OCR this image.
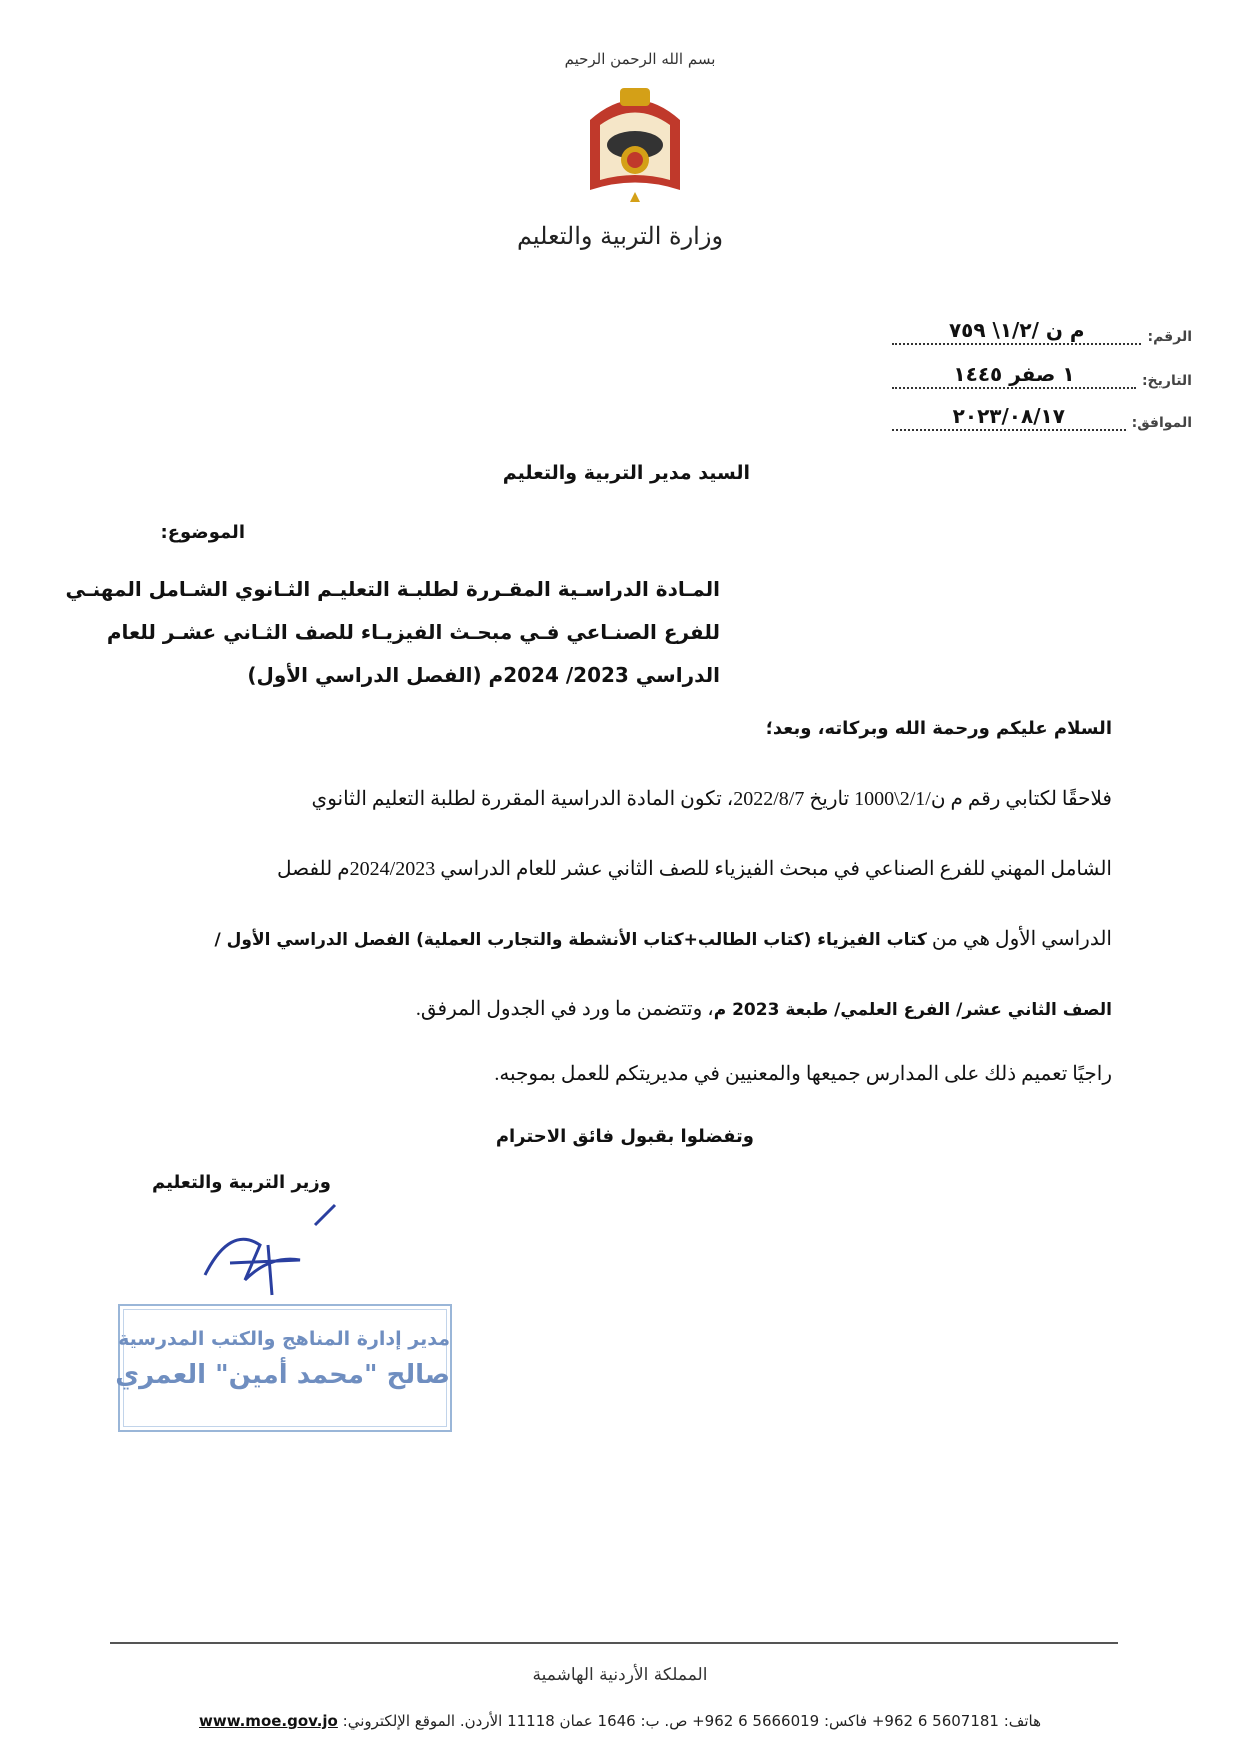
بسم الله الرحمن الرحيم
وزارة التربية والتعليم
الرقم:
م ن /١/٢\ ٧٥٩
التاريخ:
١ صفر ١٤٤٥
الموافق:
٢٠٢٣/٠٨/١٧
السيد مدير التربية والتعليم
الموضوع:
المـادة الدراسـية المقـررة لطلبـة التعليـم الثـانوي الشـامل المهنـي
للفرع الصنـاعي فـي مبحـث الفيزيـاء للصف الثـاني عشـر للعام
الدراسي 2023/ 2024م (الفصل الدراسي الأول)
السلام عليكم ورحمة الله وبركاته، وبعد؛
فلاحقًا لكتابي رقم م ن/2/1\1000 تاريخ 2022/8/7، تكون المادة الدراسية المقررة لطلبة التعليم الثانوي
الشامل المهني للفرع الصناعي في مبحث الفيزياء للصف الثاني عشر للعام الدراسي 2024/2023م للفصل
الدراسي الأول هي من كتاب الفيزياء (كتاب الطالب+كتاب الأنشطة والتجارب العملية) الفصل الدراسي الأول /
الصف الثاني عشر/ الفرع العلمي/ طبعة 2023 م، وتتضمن ما ورد في الجدول المرفق.
راجيًا تعميم ذلك على المدارس جميعها والمعنيين في مديريتكم للعمل بموجبه.
وتفضلوا بقبول فائق الاحترام
وزير التربية والتعليم
مدير إدارة المناهج والكتب المدرسية
صالح "محمد أمين" العمري
المملكة الأردنية الهاشمية
هاتف: 5607181 6 962+ فاكس: 5666019 6 962+ ص. ب: 1646 عمان 11118 الأردن. الموقع الإلكتروني: www.moe.gov.jo
